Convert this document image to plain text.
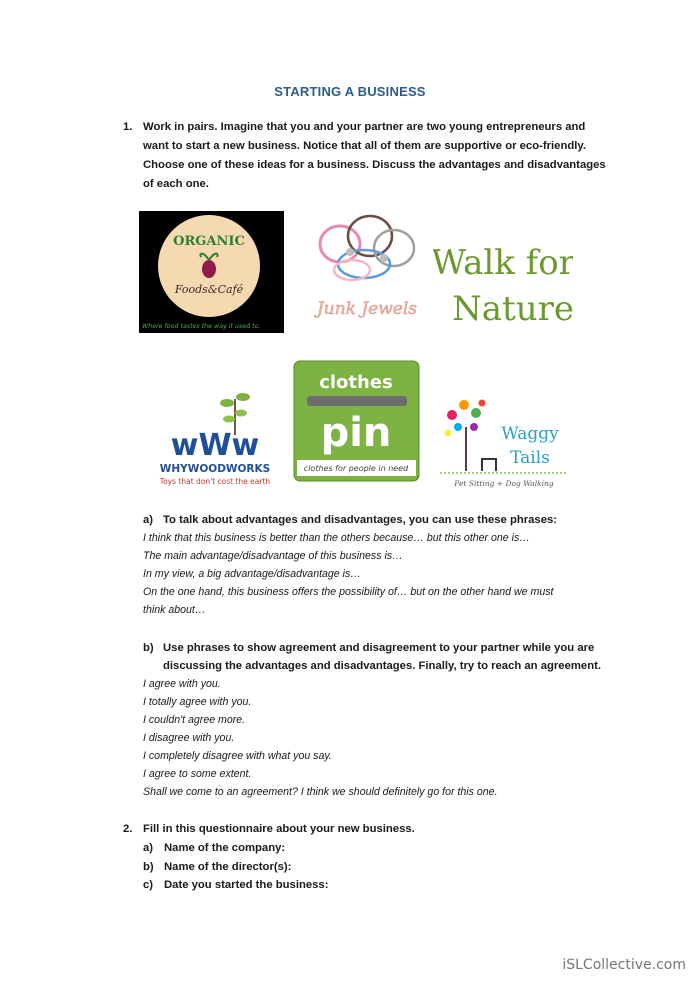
STARTING A BUSINESS
1. Work in pairs. Imagine that you and your partner are two young entrepreneurs and
want to start a new business. Notice that all of them are supportive or eco-friendly.
Choose one of these ideas for a business. Discuss the advantages and disadvantages
of each one.
ORGANIC
Foods&Café
Where food tastes the way it used to.
Junk Jewels
Walk for
Nature
wWw
WHYWOODWORKS
Toys that don't cost the earth
clothes
pin
clothes for people in need
Waggy
Tails
Pet Sitting + Dog Walking
a) To talk about advantages and disadvantages, you can use these phrases:
I think that this business is better than the others because… but this other one is…
The main advantage/disadvantage of this business is…
In my view, a big advantage/disadvantage is…
On the one hand, this business offers the possibility of… but on the other hand we must
think about…
b) Use phrases to show agreement and disagreement to your partner while you are
discussing the advantages and disadvantages. Finally, try to reach an agreement.
I agree with you.
I totally agree with you.
I couldn't agree more.
I disagree with you.
I completely disagree with what you say.
I agree to some extent.
Shall we come to an agreement? I think we should definitely go for this one.
2. Fill in this questionnaire about your new business.
a) Name of the company:
b) Name of the director(s):
c) Date you started the business:
iSLCollective.com
